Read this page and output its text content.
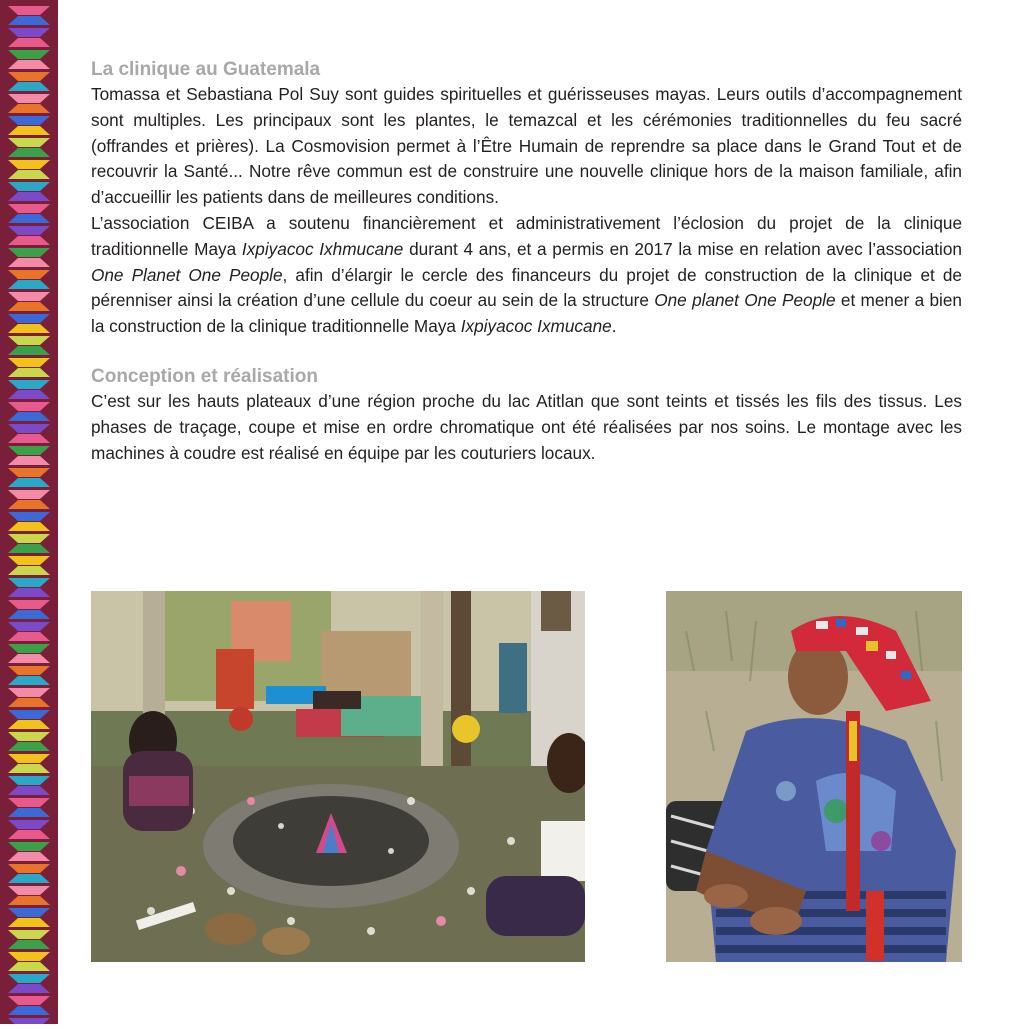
La clinique au Guatemala

Tomassa et Sebastiana Pol Suy sont guides spirituelles et guérisseuses mayas. Leurs outils d’accompagnement sont multiples. Les principaux sont les plantes, le temazcal et les cérémonies traditionnelles du feu sacré (offrandes et prières). La Cosmovision permet à l’Être Humain de reprendre sa place dans le Grand Tout et de recouvrir la Santé... Notre rêve commun est de construire une nouvelle clinique hors de la maison familiale, afin d’accueillir les patients dans de meilleures conditions.

L’association CEIBA a soutenu financièrement et administrativement l’éclosion du projet de la clinique traditionnelle Maya Ixpiyacoc Ixhmucane durant 4 ans, et a permis en 2017 la mise en relation avec l’association One Planet One People, afin d’élargir le cercle des financeurs du projet de construction de la clinique et de pérenniser ainsi la création d’une cellule du coeur au sein de la structure One planet One People et mener a bien la construction de la clinique traditionnelle Maya Ixpiyacoc Ixmucane.

Conception et réalisation

C’est sur les hauts plateaux d’une région proche du lac Atitlan que sont teints et tissés les fils des tissus. Les phases de traçage, coupe et mise en ordre chromatique ont été réalisées par nos soins. Le montage avec les machines à coudre est réalisé en équipe par les couturiers locaux.
